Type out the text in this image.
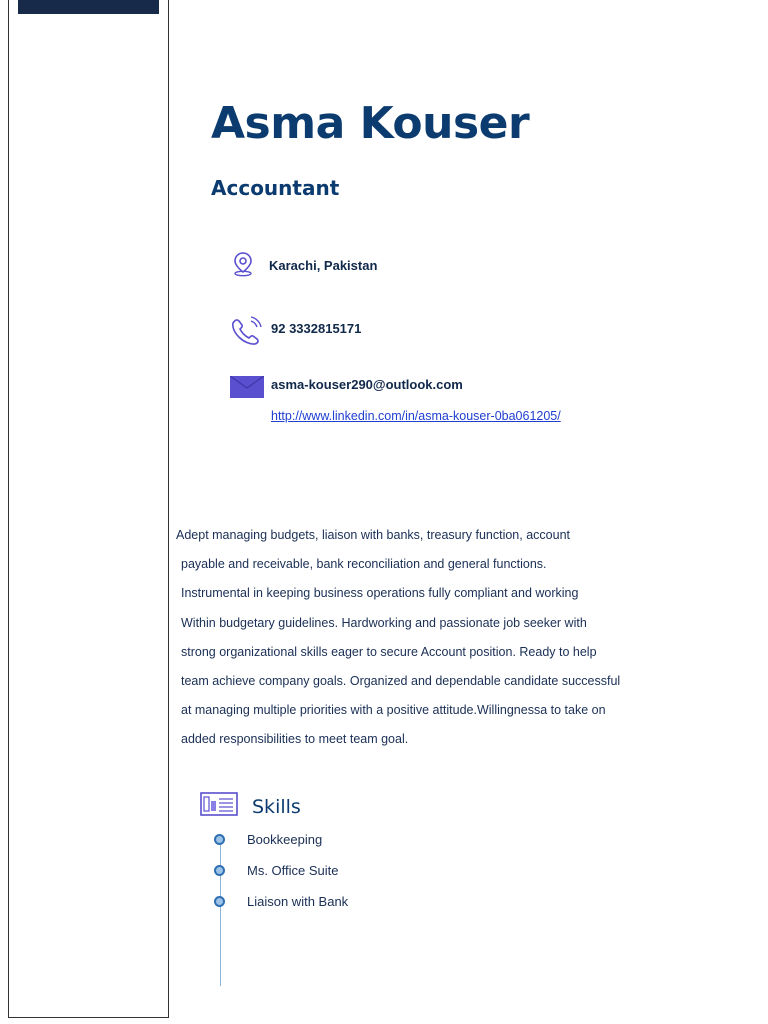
Asma Kouser
Accountant
Karachi, Pakistan
92 3332815171
asma-kouser290@outlook.com
http://www.linkedin.com/in/asma-kouser-0ba061205/
Adept managing budgets, liaison with banks, treasury function, account
payable and receivable, bank reconciliation and general functions.
Instrumental in keeping business operations fully compliant and working
Within budgetary guidelines. Hardworking and passionate job seeker with
strong organizational skills eager to secure Account position. Ready to help
team achieve company goals. Organized and dependable candidate successful
at managing multiple priorities with a positive attitude.Willingnessa to take on
added responsibilities to meet team goal.
Skills
Bookkeeping
Ms. Office Suite
Liaison with Bank
